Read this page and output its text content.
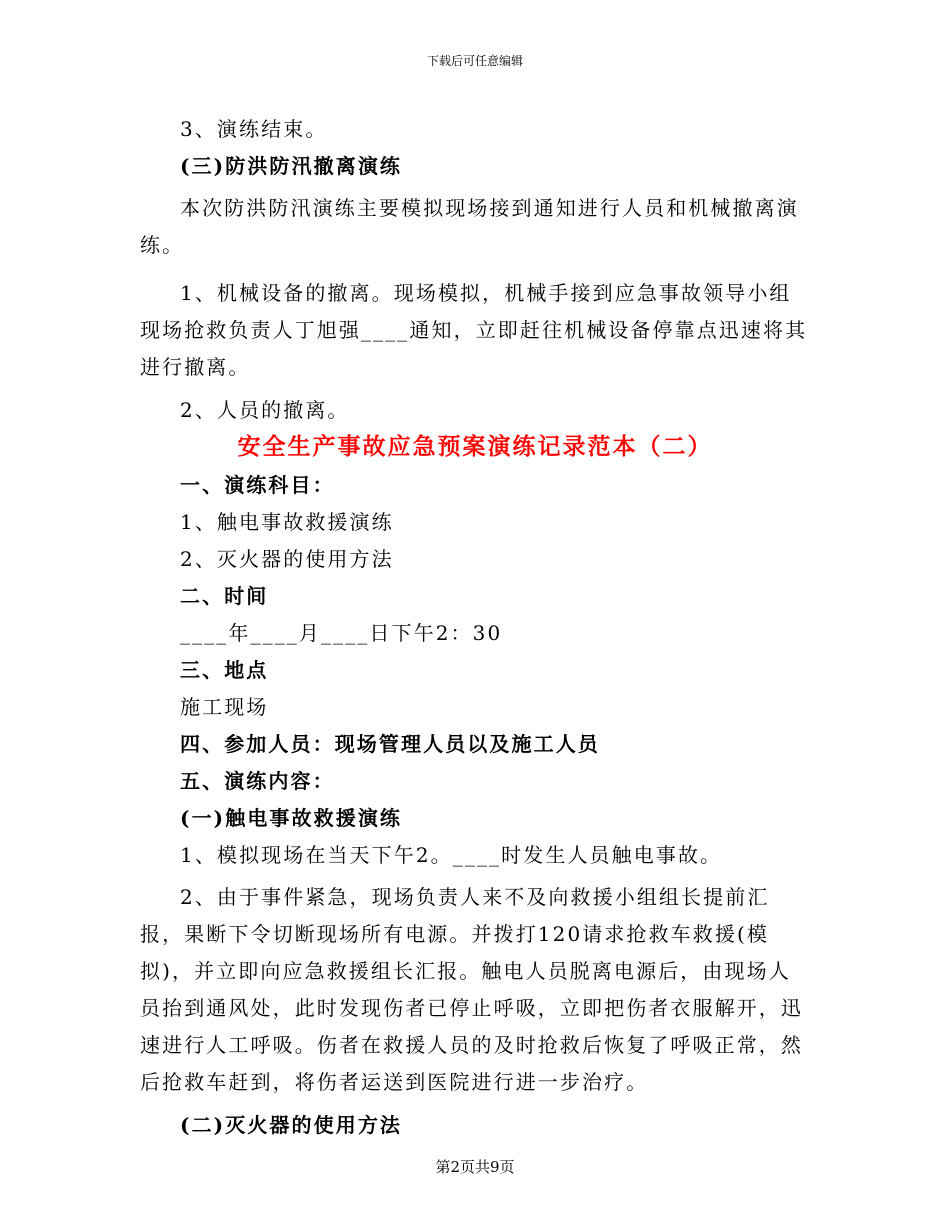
下载后可任意编辑
3、演练结束。
(三)防洪防汛撤离演练
本次防洪防汛演练主要模拟现场接到通知进行人员和机械撤离演练。
1、机械设备的撤离。现场模拟，机械手接到应急事故领导小组现场抢救负责人丁旭强____通知，立即赶往机械设备停靠点迅速将其进行撤离。
2、人员的撤离。
安全生产事故应急预案演练记录范本（二）
一、演练科目：
1、触电事故救援演练
2、灭火器的使用方法
二、时间
____年____月____日下午2：30
三、地点
施工现场
四、参加人员：现场管理人员以及施工人员
五、演练内容：
(一)触电事故救援演练
1、模拟现场在当天下午2。____时发生人员触电事故。
2、由于事件紧急，现场负责人来不及向救援小组组长提前汇报，果断下令切断现场所有电源。并拨打120请求抢救车救援(模拟)，并立即向应急救援组长汇报。触电人员脱离电源后，由现场人员抬到通风处，此时发现伤者已停止呼吸，立即把伤者衣服解开，迅速进行人工呼吸。伤者在救援人员的及时抢救后恢复了呼吸正常，然后抢救车赶到，将伤者运送到医院进行进一步治疗。
(二)灭火器的使用方法
第2页共9页
